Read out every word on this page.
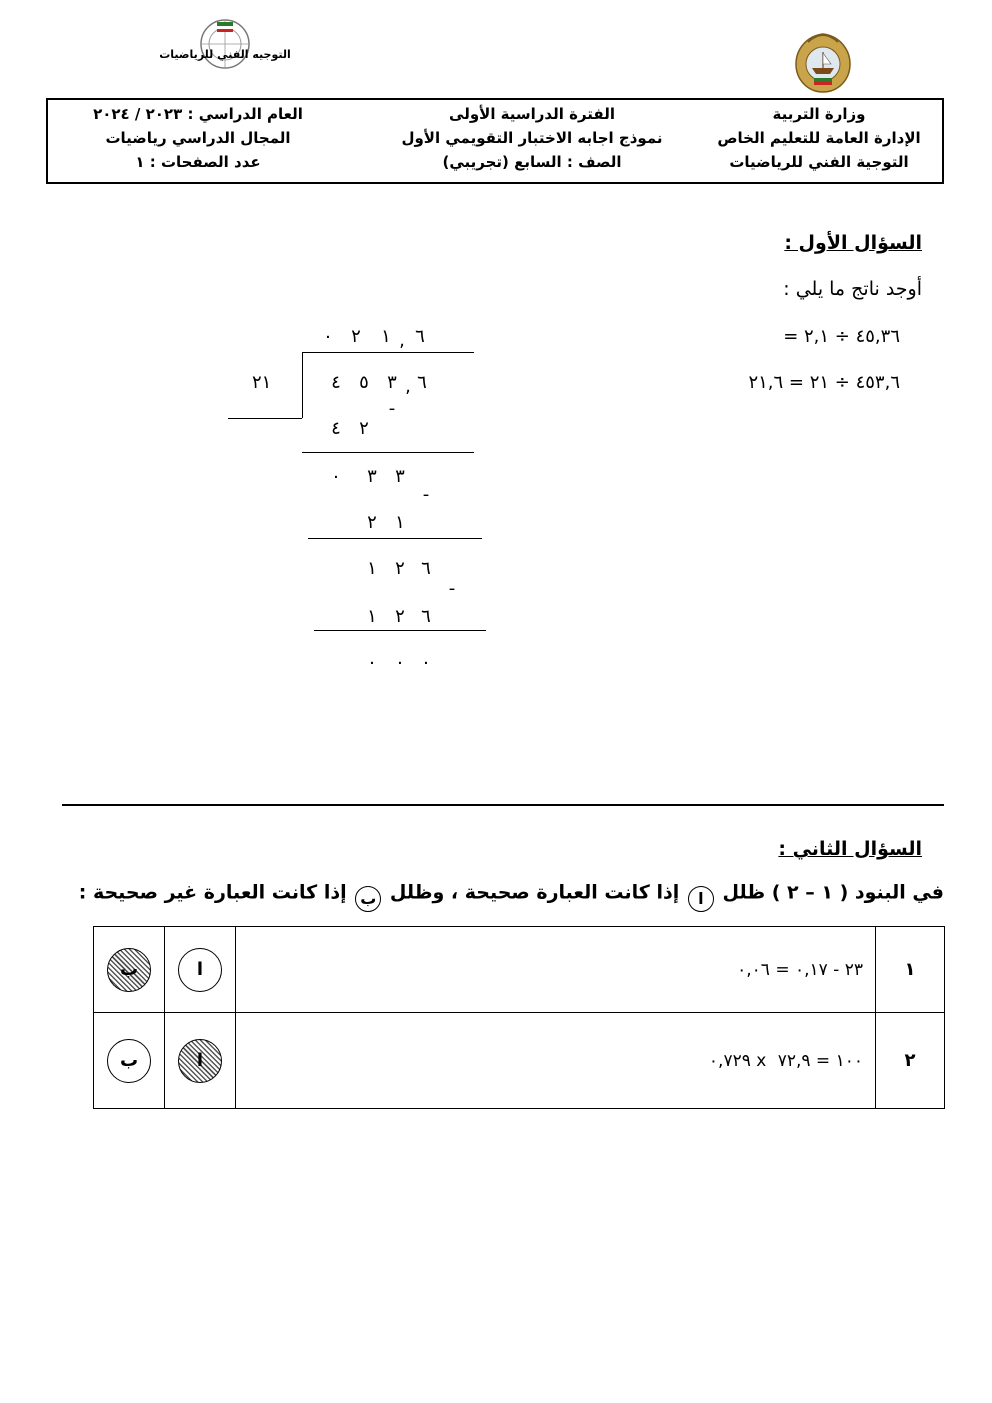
التوجيه الفني للرياضيات
وزارة التربية
الإدارة العامة للتعليم الخاص
التوجية الفني للرياضيات
الفترة الدراسية الأولى
نموذج اجابه الاختبار التقويمي الأول
الصف : السابع (تجريبي)
العام الدراسي : ٢٠٢٣ / ٢٠٢٤
المجال الدراسي رياضيات
عدد الصفحات : ١
السؤال الأول :
أوجد ناتج ما يلي :
٤٥,٣٦ ÷ ٢,١ =
٤٥٣,٦ ÷ ٢١ = ٢١,٦
٠ ٢ ١ , ٦
٢١	٤ ٥ ٣ , ٦
-
٤ ٢
٠ ٣ ٣
-
٢ ١
١ ٢ ٦
-
١ ٢ ٦
٠ ٠ ٠
السؤال الثاني :
في البنود ( ١ – ٢ ) ظلل ا إذا كانت العبارة صحيحة ، وظلل ب إذا كانت العبارة غير صحيحة :
ب	ا	٢٣ - ٠,١٧ = ٠,٠٦	١

ب	ا	٠,٧٢٩ x ١٠٠ = ٧٢,٩	٢
